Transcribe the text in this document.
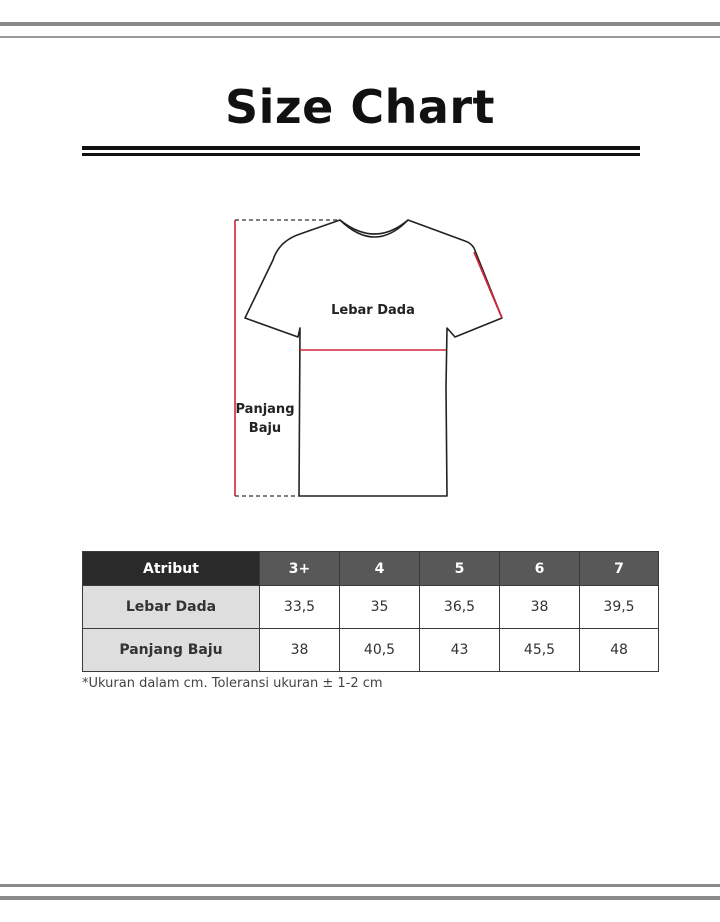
Size Chart
Lebar Dada
Panjang
Baju
Atribut	3+	4	5	6	7
Lebar Dada	33,5	35	36,5	38	39,5
Panjang Baju	38	40,5	43	45,5	48
*Ukuran dalam cm. Toleransi ukuran ± 1-2 cm
